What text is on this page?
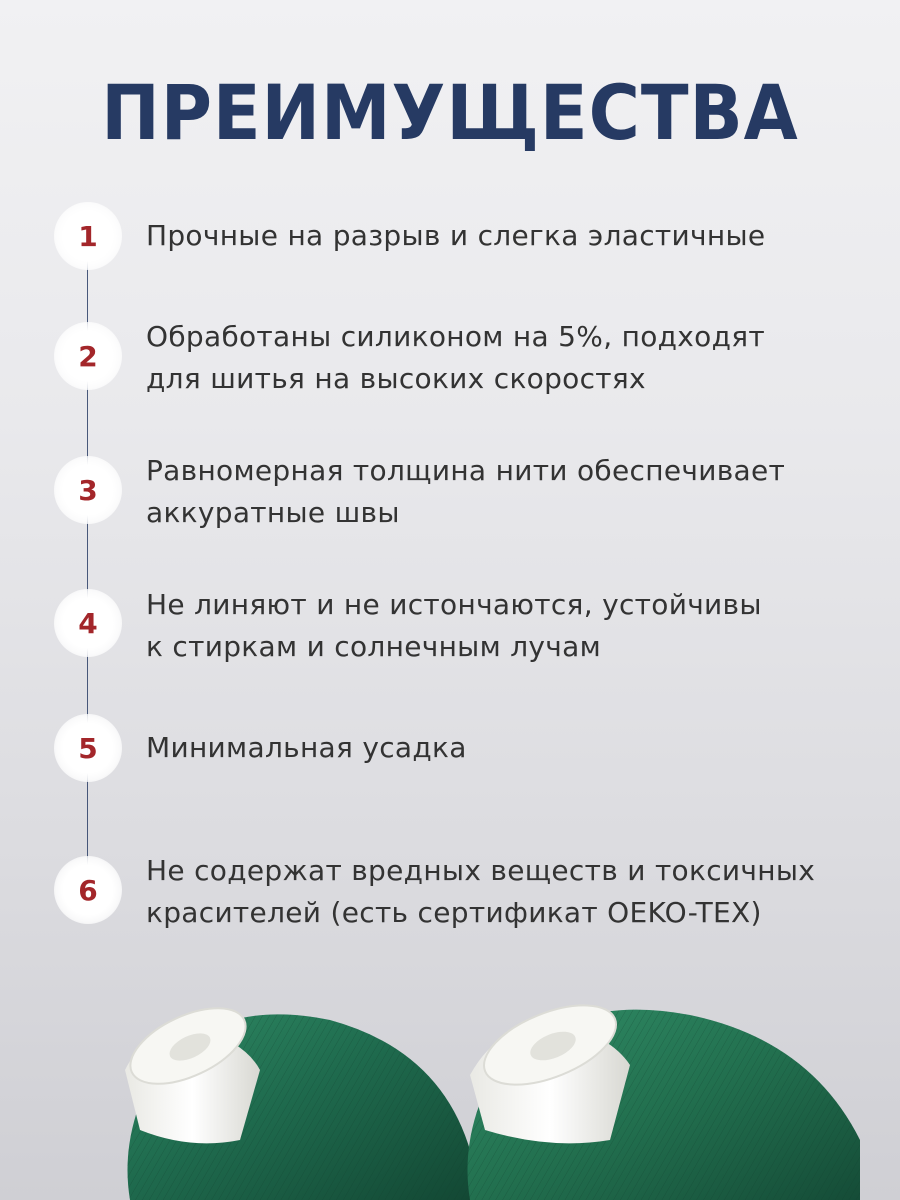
ПРЕИМУЩЕСТВА
1 Прочные на разрыв и слегка эластичные
2
Обработаны силиконом на 5%, подходят
для шитья на высоких скоростях
3
Равномерная толщина нити обеспечивает
аккуратные швы
4
Не линяют и не истончаются, устойчивы
к стиркам и солнечным лучам
5 Минимальная усадка
6
Не содержат вредных веществ и токсичных
красителей (есть сертификат OEKO-TEX)
